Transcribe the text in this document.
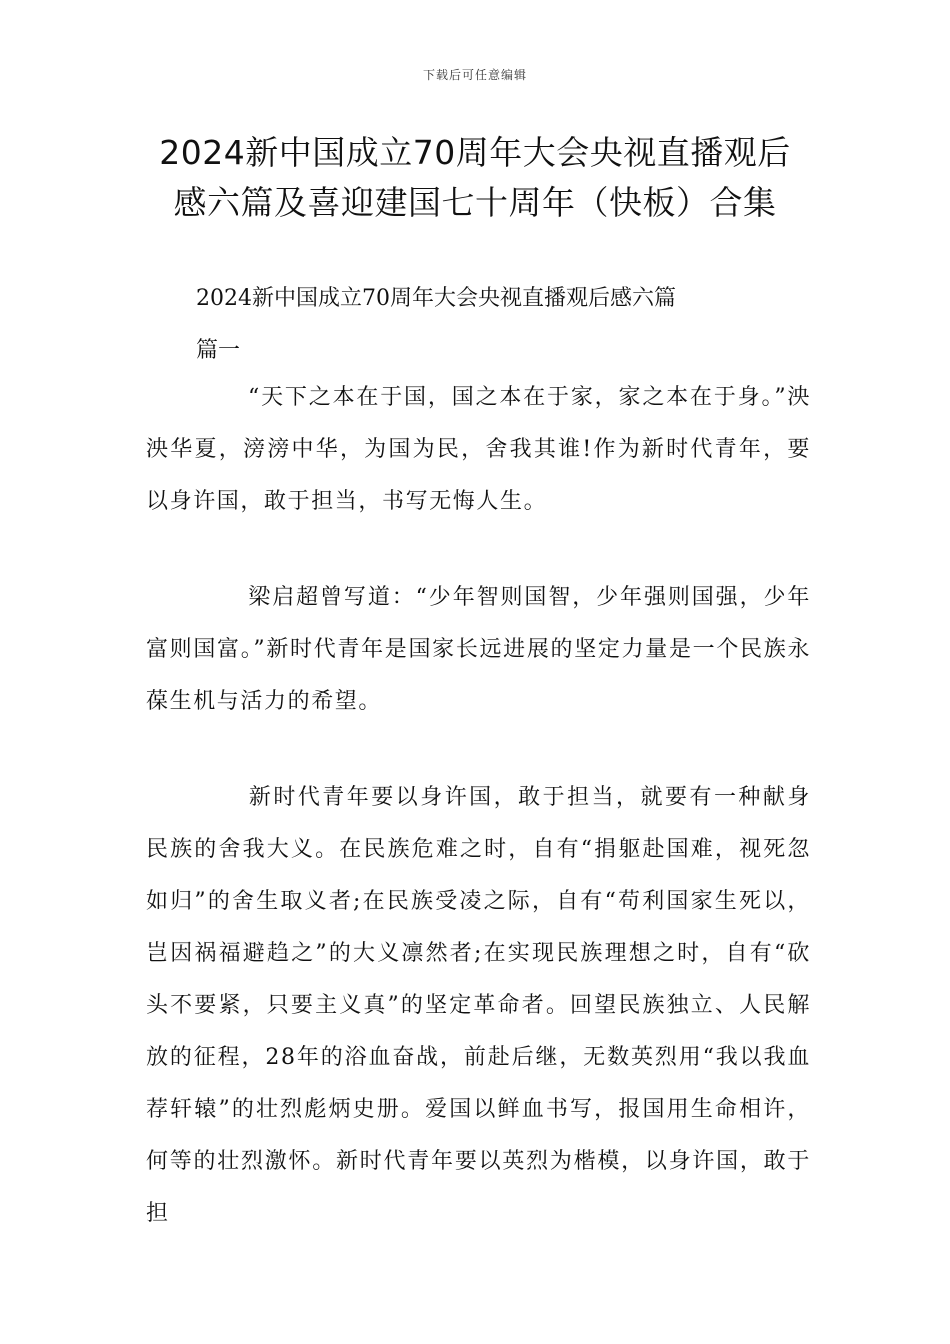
下载后可任意编辑
2024新中国成立70周年大会央视直播观后
感六篇及喜迎建国七十周年（快板）合集
2024新中国成立70周年大会央视直播观后感六篇
篇一

“天下之本在于国，国之本在于家，家之本在于身。”泱泱华夏，滂滂中华，为国为民，舍我其谁!作为新时代青年，要以身许国，敢于担当，书写无悔人生。

梁启超曾写道：“少年智则国智，少年强则国强，少年富则国富。”新时代青年是国家长远进展的坚定力量是一个民族永葆生机与活力的希望。

新时代青年要以身许国，敢于担当，就要有一种献身民族的舍我大义。在民族危难之时，自有“捐躯赴国难，视死忽如归”的舍生取义者;在民族受凌之际，自有“苟利国家生死以，岂因祸福避趋之”的大义凛然者;在实现民族理想之时，自有“砍头不要紧，只要主义真”的坚定革命者。回望民族独立、人民解放的征程，28年的浴血奋战，前赴后继，无数英烈用“我以我血荐轩辕”的壮烈彪炳史册。爱国以鲜血书写，报国用生命相许，何等的壮烈激怀。新时代青年要以英烈为楷模，以身许国，敢于担
